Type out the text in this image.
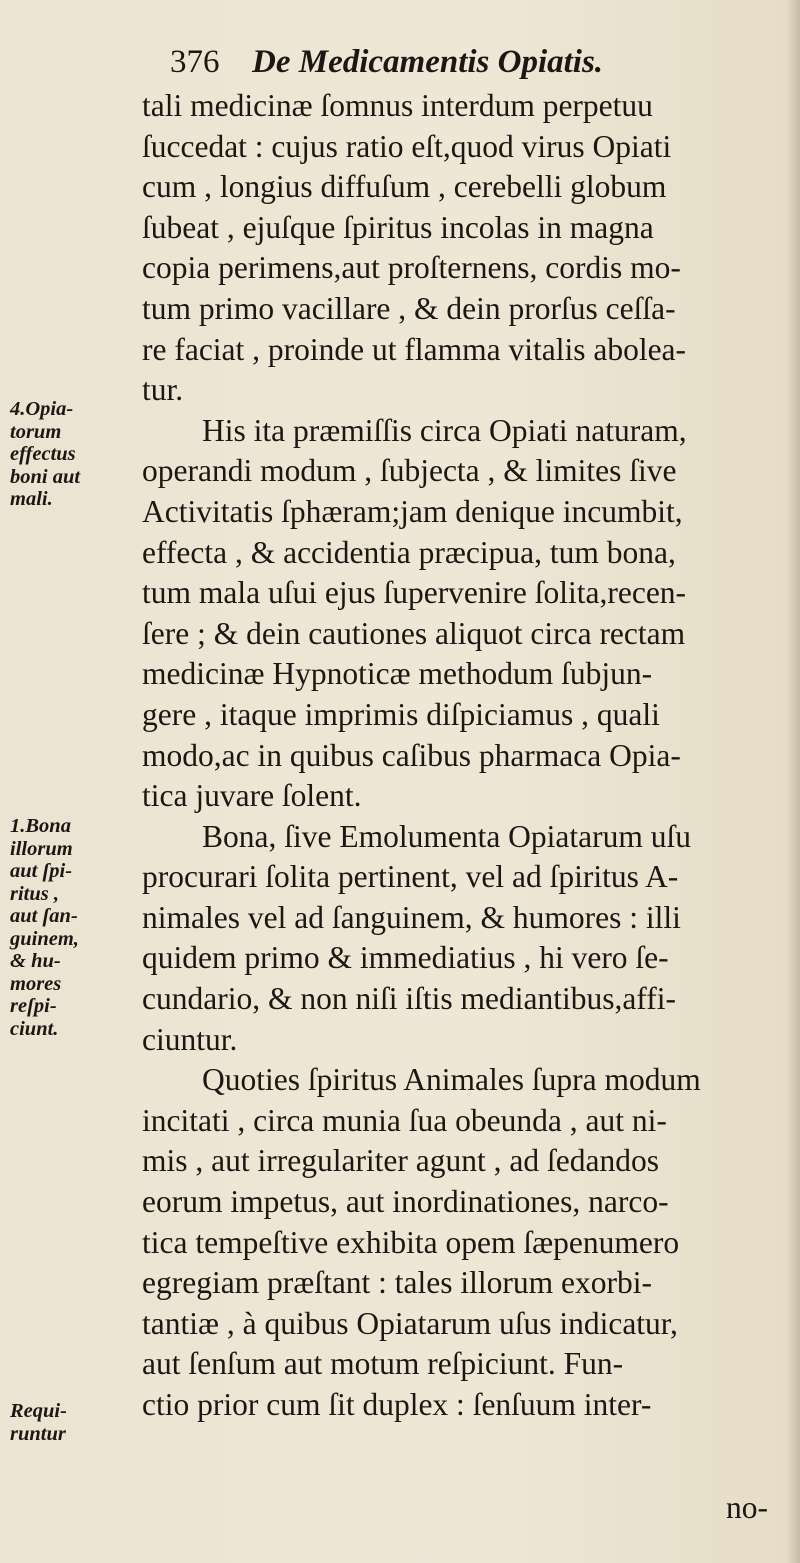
376 De Medicamentis Opiatis.
tali medicinæ ſomnus interdum perpetuu
ſuccedat : cujus ratio eſt,quod virus Opiati
cum , longius diffuſum , cerebelli globum
ſubeat , ejuſque ſpiritus incolas in magna
copia perimens,aut proſternens, cordis mo-
tum primo vacillare , & dein prorſus ceſſa-
re faciat , proinde ut flamma vitalis abolea-
tur.
His ita præmiſſis circa Opiati naturam,
operandi modum , ſubjecta , & limites ſive
Activitatis ſphæram;jam denique incumbit,
effecta , & accidentia præcipua, tum bona,
tum mala uſui ejus ſupervenire ſolita,recen-
ſere ; & dein cautiones aliquot circa rectam
medicinæ Hypnoticæ methodum ſubjun-
gere , itaque imprimis diſpiciamus , quali
modo,ac in quibus caſibus pharmaca Opia-
tica juvare ſolent.
Bona, ſive Emolumenta Opiatarum uſu
procurari ſolita pertinent, vel ad ſpiritus A-
nimales vel ad ſanguinem, & humores : illi
quidem primo & immediatius , hi vero ſe-
cundario, & non niſi iſtis mediantibus,affi-
ciuntur.
Quoties ſpiritus Animales ſupra modum
incitati , circa munia ſua obeunda , aut ni-
mis , aut irregulariter agunt , ad ſedandos
eorum impetus, aut inordinationes, narco-
tica tempeſtive exhibita opem ſæpenumero
egregiam præſtant : tales illorum exorbi-
tantiæ , à quibus Opiatarum uſus indicatur,
aut ſenſum aut motum reſpiciunt. Fun-
ctio prior cum ſit duplex : ſenſuum inter-
4.Opia-
torum
effectus
boni aut
mali.
1.Bona
illorum
aut ſpi-
ritus ,
aut ſan-
guinem,
& hu-
mores
reſpi-
ciunt.
Requi-
runtur
no-
